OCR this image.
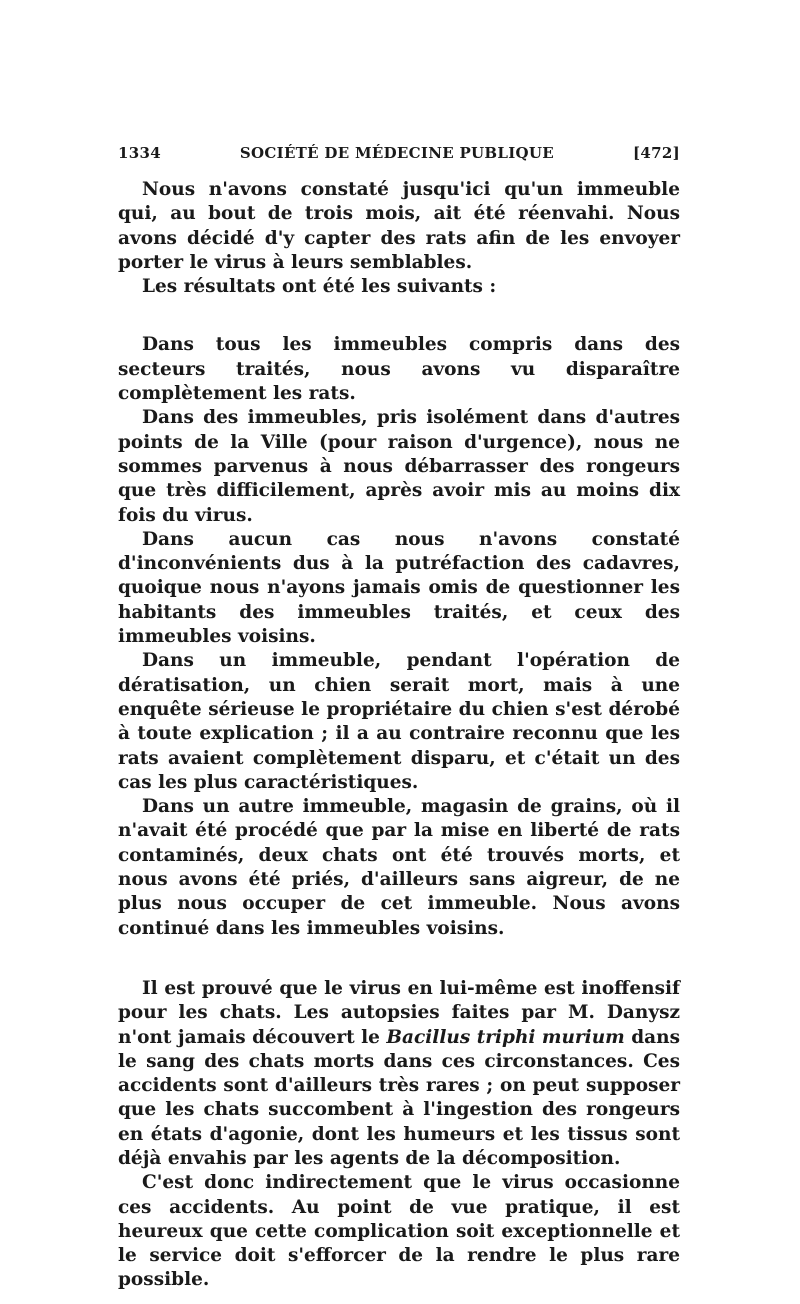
1334	SOCIÉTÉ DE MÉDECINE PUBLIQUE	[472]

Nous n'avons constaté jusqu'ici qu'un immeuble qui, au bout de trois mois, ait été réenvahi. Nous avons décidé d'y capter des rats afin de les envoyer porter le virus à leurs semblables.

Les résultats ont été les suivants :

Dans tous les immeubles compris dans des secteurs traités, nous avons vu disparaître complètement les rats.

Dans des immeubles, pris isolément dans d'autres points de la Ville (pour raison d'urgence), nous ne sommes parvenus à nous débarrasser des rongeurs que très difficilement, après avoir mis au moins dix fois du virus.

Dans aucun cas nous n'avons constaté d'inconvénients dus à la putréfaction des cadavres, quoique nous n'ayons jamais omis de questionner les habitants des immeubles traités, et ceux des immeubles voisins.

Dans un immeuble, pendant l'opération de dératisation, un chien serait mort, mais à une enquête sérieuse le propriétaire du chien s'est dérobé à toute explication ; il a au contraire reconnu que les rats avaient complètement disparu, et c'était un des cas les plus caractéristiques.

Dans un autre immeuble, magasin de grains, où il n'avait été procédé que par la mise en liberté de rats contaminés, deux chats ont été trouvés morts, et nous avons été priés, d'ailleurs sans aigreur, de ne plus nous occuper de cet immeuble. Nous avons continué dans les immeubles voisins.

Il est prouvé que le virus en lui-même est inoffensif pour les chats. Les autopsies faites par M. Danysz n'ont jamais découvert le Bacillus triphi murium dans le sang des chats morts dans ces circonstances. Ces accidents sont d'ailleurs très rares ; on peut supposer que les chats succombent à l'ingestion des rongeurs en états d'agonie, dont les humeurs et les tissus sont déjà envahis par les agents de la décomposition.

C'est donc indirectement que le virus occasionne ces accidents. Au point de vue pratique, il est heureux que cette complication soit exceptionnelle et le service doit s'efforcer de la rendre le plus rare possible.
